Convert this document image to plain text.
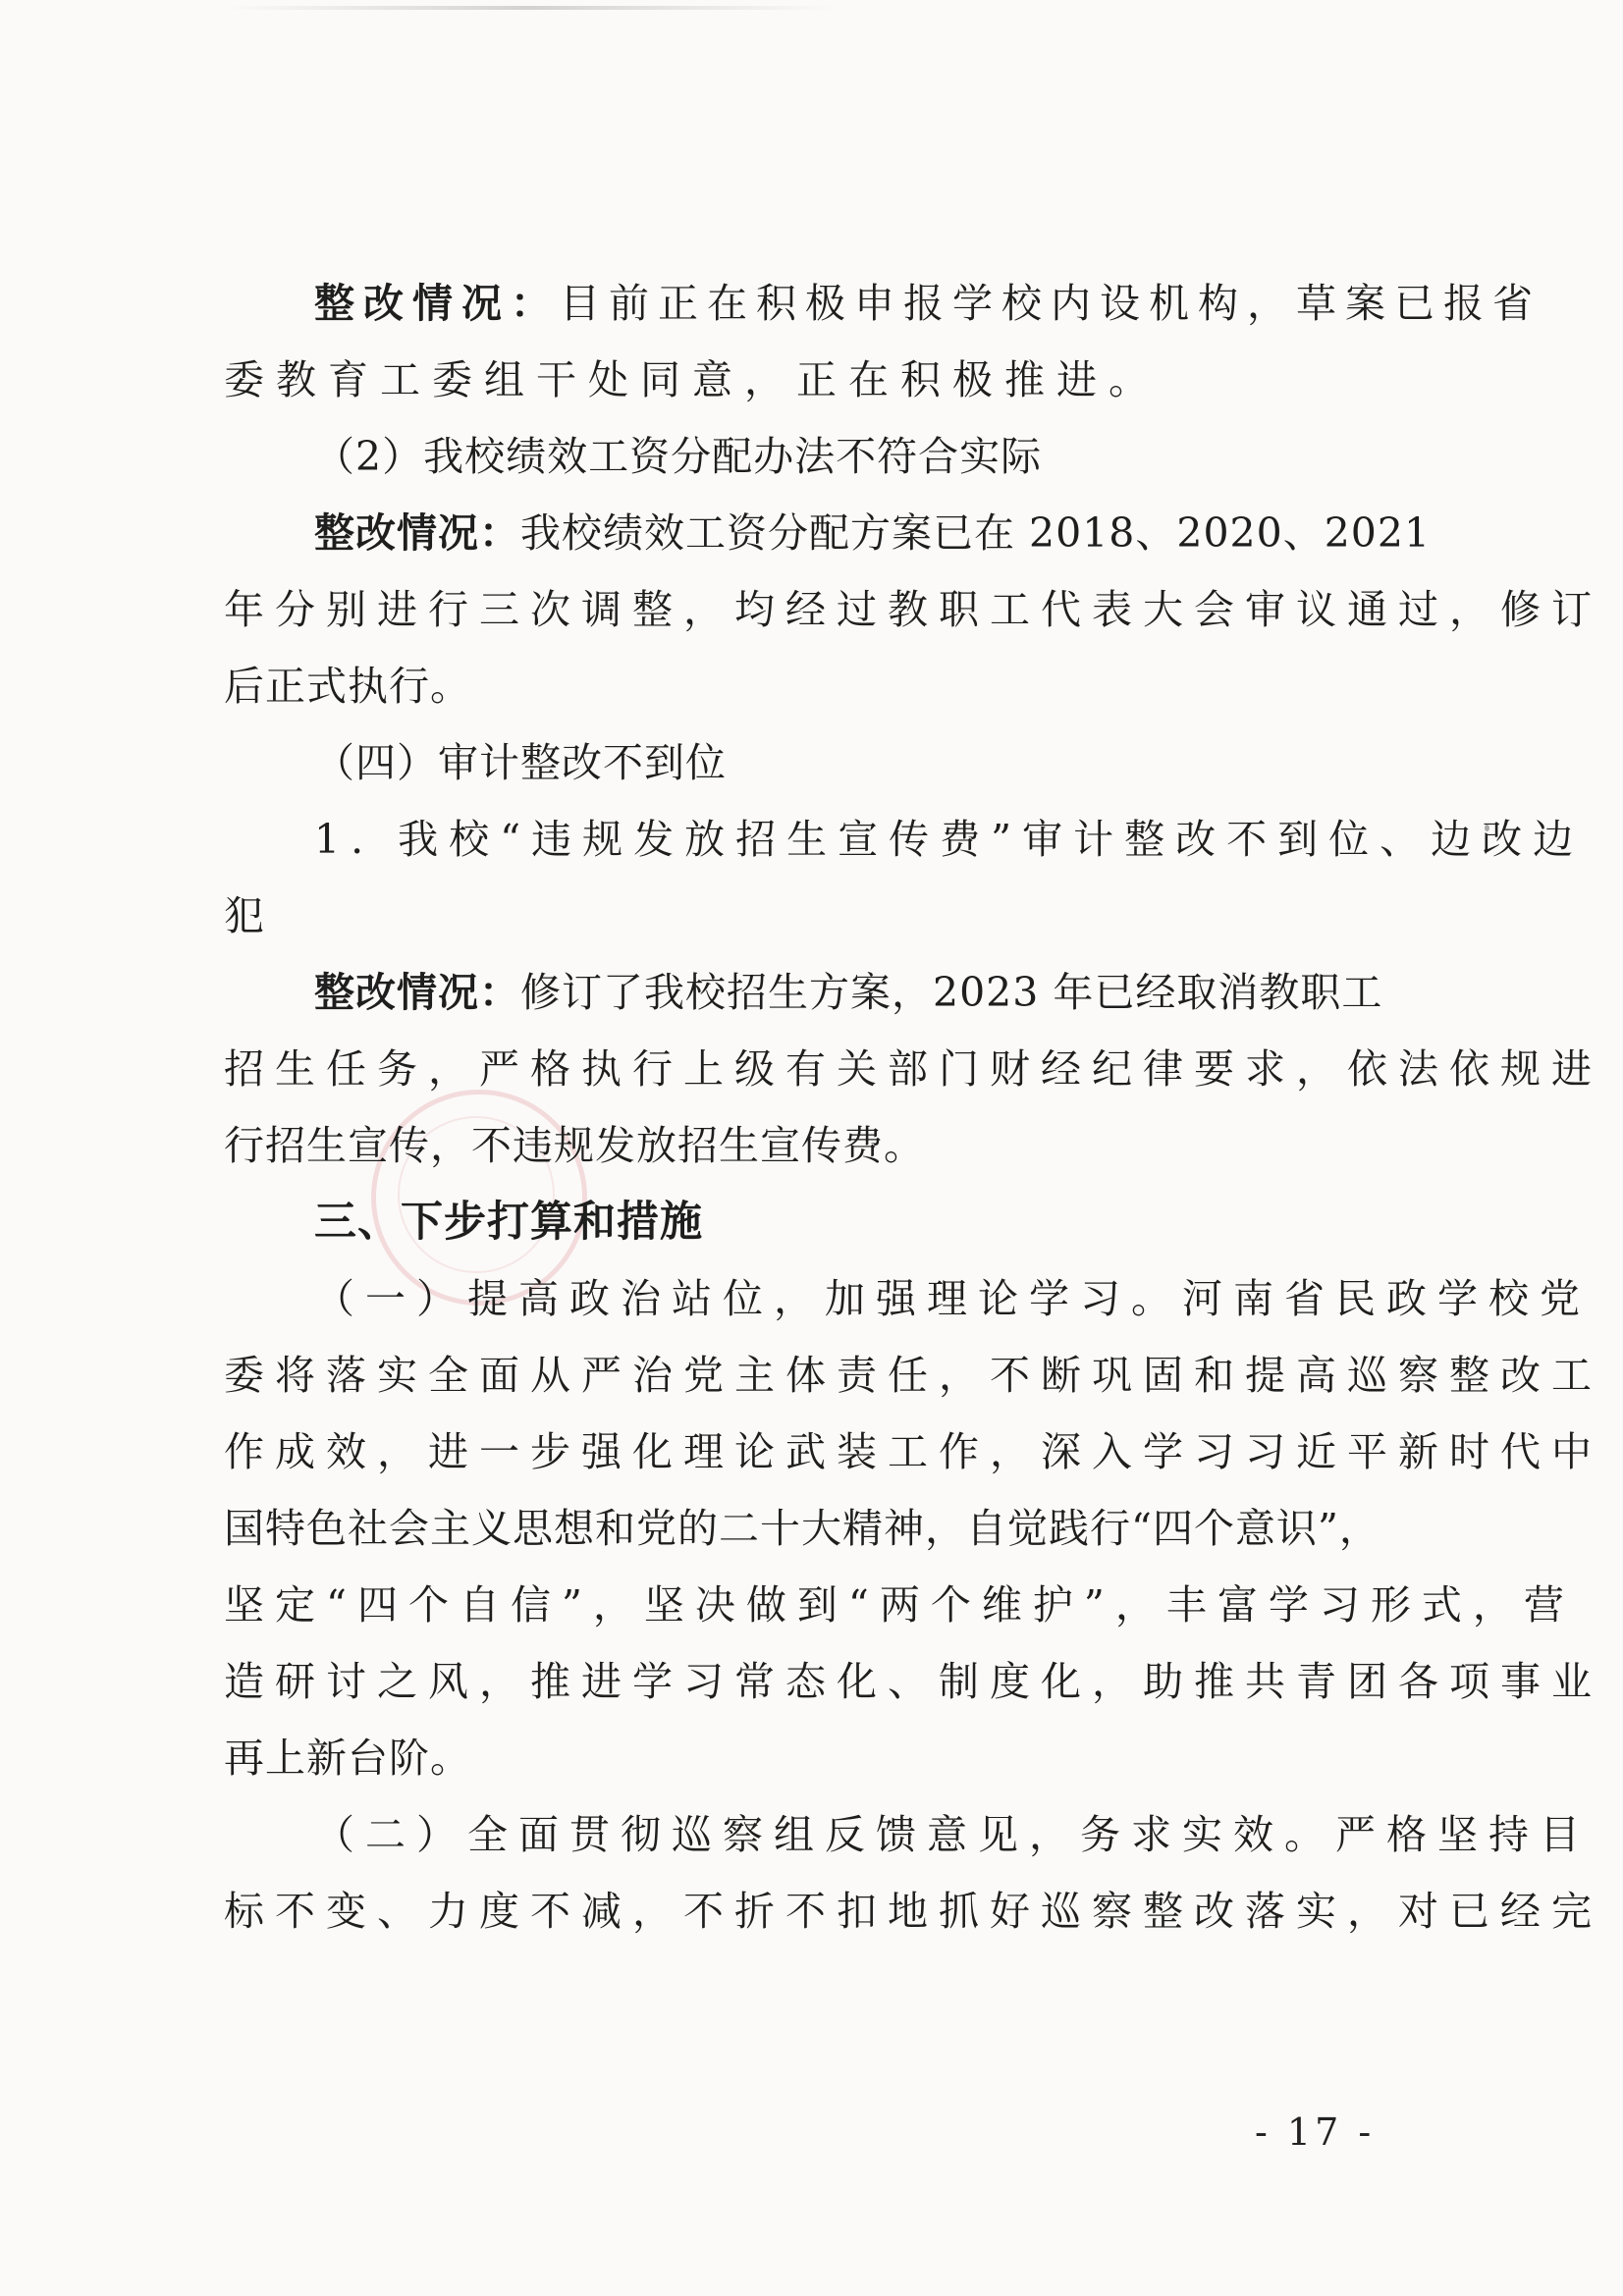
整改情况：目前正在积极申报学校内设机构，草案已报省
委教育工委组干处同意，正在积极推进。
（2）我校绩效工资分配办法不符合实际
整改情况：我校绩效工资分配方案已在 2018、2020、2021
年分别进行三次调整，均经过教职工代表大会审议通过，修订
后正式执行。
（四）审计整改不到位
1. 我校“违规发放招生宣传费”审计整改不到位、边改边
犯
整改情况：修订了我校招生方案，2023 年已经取消教职工
招生任务，严格执行上级有关部门财经纪律要求，依法依规进
行招生宣传，不违规发放招生宣传费。
三、下步打算和措施
（一）提高政治站位，加强理论学习。河南省民政学校党
委将落实全面从严治党主体责任，不断巩固和提高巡察整改工
作成效，进一步强化理论武装工作，深入学习习近平新时代中
国特色社会主义思想和党的二十大精神，自觉践行“四个意识”，
坚定“四个自信”，坚决做到“两个维护”，丰富学习形式，营
造研讨之风，推进学习常态化、制度化，助推共青团各项事业
再上新台阶。
（二）全面贯彻巡察组反馈意见，务求实效。严格坚持目
标不变、力度不减，不折不扣地抓好巡察整改落实，对已经完
- 17 -
